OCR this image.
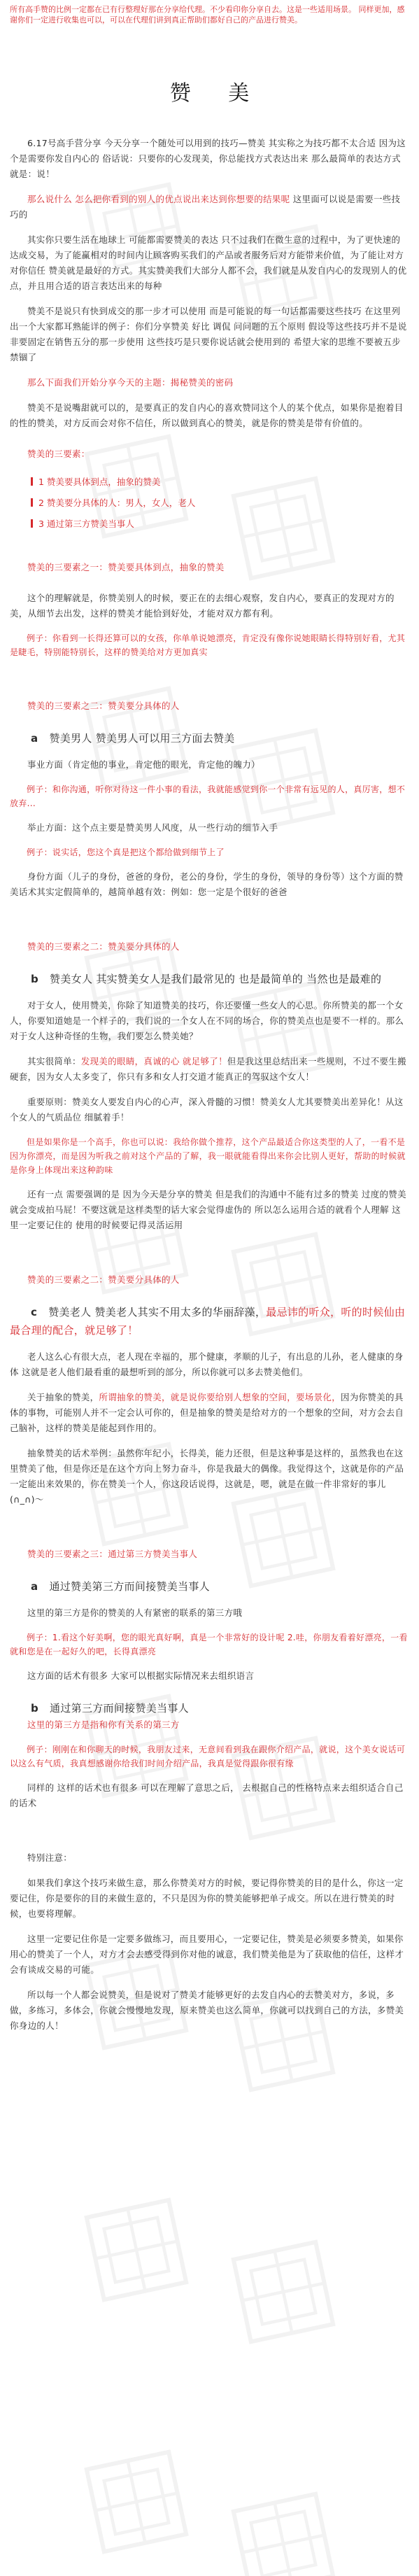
所有高手赞的比例一定都在已有行整理好那在分享给代理。不少看印你分享自去。这是一些适用场景。 同样更加，感谢你们一定进行收集也可以，可以在代理们讲到真正帮助们都好自己的产品进行赞美。
赞 美

6.17号高手营分享 今天分享一个随处可以用到的技巧—赞美 其实称之为技巧都不太合适 因为这个是需要你发自内心的 俗话说：只要你的心发现美，你总能找方式表达出来 那么最简单的表达方式就是：说！

那么说什么 怎么把你看到的别人的优点说出来达到你想要的结果呢 这里面可以说是需要一些技巧的

其实你只要生活在地球上 可能都需要赞美的表达 只不过我们在微生意的过程中，为了更快速的达成交易，为了能赢相对的时间内让顾客购买我们的产品或者服务后对方能带来价值，为了能让对方对你信任 赞美就是最好的方式。其实赞美我们大部分人都不会，我们就是从发自内心的发现别人的优点，并且用合适的语言表达出来的每种

赞美不是说只有快到成交的那一步才可以使用 而是可能说的每一句话都需要这些技巧 在这里列出一个大家都耳熟能详的例子：你们分享赞美 好比 调侃 问问题的五个原则 假设等这些技巧并不是说非要固定在销售五分的那一步使用 这些技巧是只要你说话就会使用到的 希望大家的思维不要被五步禁锢了

那么下面我们开始分享今天的主题：揭秘赞美的密码

赞美不是说嘴甜就可以的，是要真正的发自内心的喜欢赞同这个人的某个优点，如果你是抱着目的性的赞美，对方反而会对你不信任，所以做到真心的赞美，就是你的赞美是带有价值的。

赞美的三要素：

1 赞美要具体到点，抽象的赞美
2 赞美要分具体的人：男人，女人，老人
3 通过第三方赞美当事人

赞美的三要素之一：赞美要具体到点，抽象的赞美

这个的理解就是，你赞美别人的时候，要正在的去细心观察，发自内心，要真正的发现对方的美，从细节去出发，这样的赞美才能恰到好处，才能对双方都有利。

例子：你看到一长得还算可以的女孩，你单单说她漂亮，肯定没有像你说她眼睛长得特别好看，尤其是睫毛，特别能特别长，这样的赞美给对方更加真实

赞美的三要素之二：赞美要分具体的人

a 赞美男人 赞美男人可以用三方面去赞美

事业方面（肯定他的事业，肯定他的眼光，肯定他的魄力）

例子：和你沟通，听你对待这一件小事的看法，我就能感觉到你一个非常有远见的人，真厉害，想不放弃...

举止方面：这个点主要是赞美男人风度，从一些行动的细节入手

例子：说实话，您这个真是把这个都给做到细节上了

身份方面（儿子的身份，爸爸的身份，老公的身份，学生的身份，领导的身份等）这个方面的赞美话术其实定假简单的，越简单越有效：例如：您一定是个很好的爸爸

赞美的三要素之二：赞美要分具体的人

b 赞美女人 其实赞美女人是我们最常见的 也是最简单的 当然也是最难的

对于女人，使用赞美，你除了知道赞美的技巧，你还要懂一些女人的心思。你所赞美的都一个女人，你要知道她是一个样子的，我们说的一个女人在不同的场合，你的赞美点也是要不一样的。那么对于女人这种奇怪的生物，我们要怎么赞美她？

其实很简单：发现美的眼睛，真诚的心 就足够了！但是我这里总结出来一些规则，不过不要生搬硬套，因为女人太多变了，你只有多和女人打交道才能真正的驾驭这个女人！

重要原则：赞美女人要发自内心的心声，深入骨髓的习惯！赞美女人尤其要赞美出差异化！从这个女人的气质品位 细腻着手！

但是如果你是一个高手，你也可以说：我给你做个推荐，这个产品最适合你这类型的人了，一看不是因为你漂亮，而是因为听我之前对这个产品的了解，我一眼就能看得出来你会比别人更好，帮助的时候就是你身上体现出来这种韵味

还有一点 需要强调的是 因为今天是分享的赞美 但是我们的沟通中不能有过多的赞美 过度的赞美就会变成拍马屁！不要这就是这样类型的话大家会觉得虚伪的 所以怎么运用合适的就看个人理解 这里一定要记住的 使用的时候要记得灵活运用

赞美的三要素之二：赞美要分具体的人

c 赞美老人 赞美老人其实不用太多的华丽辞藻，最忌讳的听众，听的时候仙由最合理的配合，就足够了！

老人这么心有很大点，老人现在幸福的，那个健康，孝顺的儿子，有出息的儿孙，老人健康的身体 这就是老人他们最看重的最想听到的部分，所以你就可以多去赞美他们。

关于抽象的赞美，所谓抽象的赞美，就是说你要给别人想象的空间，要场景化，因为你赞美的具体的事物，可能别人并不一定会认可你的，但是抽象的赞美是给对方的一个想象的空间，对方会去自己脑补，这样的赞美是能起到作用的。

抽象赞美的话术举例：虽然你年纪小，长得美，能力还很，但是这种事是这样的，虽然我也在这里赞美了他，但是你还是在这个方向上努力奋斗，你是我最大的偶像。我觉得这个，这就是你的产品一定能出来效果的，你在赞美一个人，你这段话说得，这就是，嗯，就是在做一件非常好的事儿(∩_∩)～

赞美的三要素之三：通过第三方赞美当事人

a 通过赞美第三方而间接赞美当事人

这里的第三方是你的赞美的人有紧密的联系的第三方哦

例子：1.看这个好美啊，您的眼光真好啊，真是一个非常好的设计呢 2.哇，你朋友看着好漂亮，一看就和您是在一起好久的吧，长得真漂亮

这方面的话术有很多 大家可以根据实际情况来去组织语言

b 通过第三方而间接赞美当事人

这里的第三方是指和你有关系的第三方

例子：刚刚在和你聊天的时候，我朋友过来，无意间看到我在跟你介绍产品，就说，这个美女说话可以这么有气质，我真想感谢你给我们时间介绍产品，我真是觉得跟你很有缘

同样的 这样的话术也有很多 可以在理解了意思之后， 去根据自己的性格特点来去组织适合自己的话术

特别注意：

如果我们拿这个技巧来做生意，那么你赞美对方的时候，要记得你赞美的目的是什么，你这一定要记住，你是要你的目的来做生意的，不只是因为你的赞美能够把单子成交。所以在进行赞美的时候，也要将理解。

这里一定要记住你是一定要多做练习，而且要用心，一定要记住，赞美是必须要多赞美，如果你用心的赞美了一个人，对方才会去感受得到你对他的诚意，我们赞美他是为了获取他的信任，这样才会有谈成交易的可能。

所以每一个人都会说赞美，但是说对了赞美才能够更好的去发自内心的去赞美对方，多说，多做，多练习，多体会，你就会慢慢地发现，原来赞美也这么简单，你就可以找到自己的方法，多赞美你身边的人！
